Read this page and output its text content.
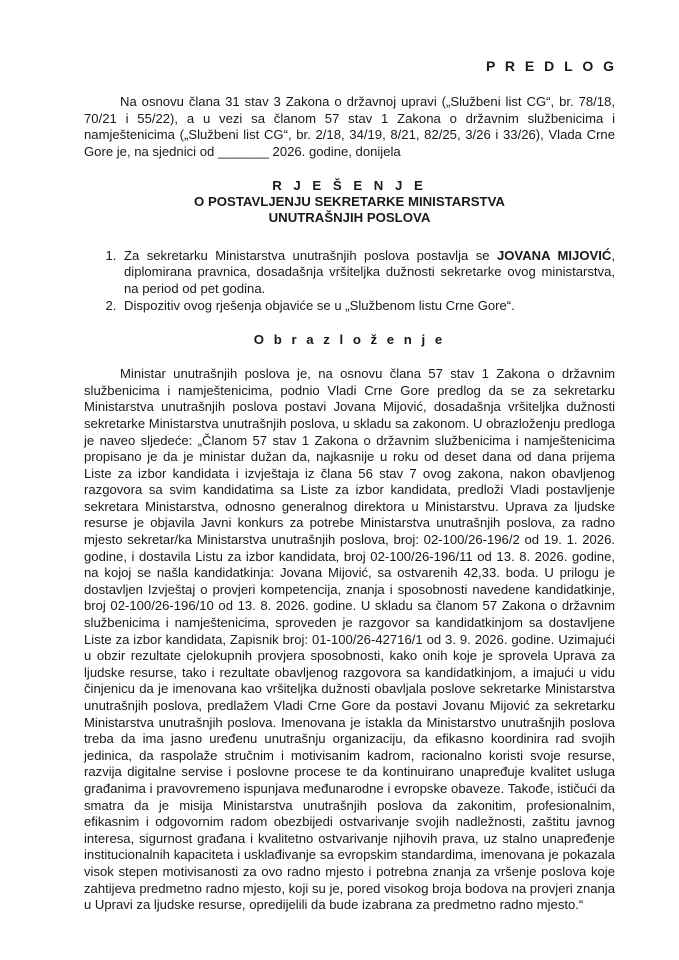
P R E D L O G

Na osnovu člana 31 stav 3 Zakona o državnoj upravi („Službeni list CG“, br. 78/18, 70/21 i 55/22), a u vezi sa članom 57 stav 1 Zakona o državnim službenicima i namještenicima („Službeni list CG“, br. 2/18, 34/19, 8/21, 82/25, 3/26 i 33/26), Vlada Crne Gore je, na sjednici od _______ 2026. godine, donijela

R J E Š E N J E
O POSTAVLJENJU SEKRETARKE MINISTARSTVA
UNUTRAŠNJIH POSLOVA
1. Za sekretarku Ministarstva unutrašnjih poslova postavlja se JOVANA MIJOVIĆ, diplomirana pravnica, dosadašnja vršiteljka dužnosti sekretarke ovog ministarstva, na period od pet godina.
2. Dispozitiv ovog rješenja objaviće se u „Službenom listu Crne Gore“.
O b r a z l o ž e n j e

Ministar unutrašnjih poslova je, na osnovu člana 57 stav 1 Zakona o državnim službenicima i namještenicima, podnio Vladi Crne Gore predlog da se za sekretarku Ministarstva unutrašnjih poslova postavi Jovana Mijović, dosadašnja vršiteljka dužnosti sekretarke Ministarstva unutrašnjih poslova, u skladu sa zakonom. U obrazloženju predloga je naveo sljedeće: „Članom 57 stav 1 Zakona o državnim službenicima i namještenicima propisano je da je ministar dužan da, najkasnije u roku od deset dana od dana prijema Liste za izbor kandidata i izvještaja iz člana 56 stav 7 ovog zakona, nakon obavljenog razgovora sa svim kandidatima sa Liste za izbor kandidata, predloži Vladi postavljenje sekretara Ministarstva, odnosno generalnog direktora u Ministarstvu. Uprava za ljudske resurse je objavila Javni konkurs za potrebe Ministarstva unutrašnjih poslova, za radno mjesto sekretar/ka Ministarstva unutrašnjih poslova, broj: 02-100/26-196/2 od 19. 1. 2026. godine, i dostavila Listu za izbor kandidata, broj 02-100/26-196/11 od 13. 8. 2026. godine, na kojoj se našla kandidatkinja: Jovana Mijović, sa ostvarenih 42,33. boda. U prilogu je dostavljen Izvještaj o provjeri kompetencija, znanja i sposobnosti navedene kandidatkinje, broj 02-100/26-196/10 od 13. 8. 2026. godine. U skladu sa članom 57 Zakona o državnim službenicima i namještenicima, sproveden je razgovor sa kandidatkinjom sa dostavljene Liste za izbor kandidata, Zapisnik broj: 01-100/26-42716/1 od 3. 9. 2026. godine. Uzimajući u obzir rezultate cjelokupnih provjera sposobnosti, kako onih koje je sprovela Uprava za ljudske resurse, tako i rezultate obavljenog razgovora sa kandidatkinjom, a imajući u vidu činjenicu da je imenovana kao vršiteljka dužnosti obavljala poslove sekretarke Ministarstva unutrašnjih poslova, predlažem Vladi Crne Gore da postavi Jovanu Mijović za sekretarku Ministarstva unutrašnjih poslova. Imenovana je istakla da Ministarstvo unutrašnjih poslova treba da ima jasno uređenu unutrašnju organizaciju, da efikasno koordinira rad svojih jedinica, da raspolaže stručnim i motivisanim kadrom, racionalno koristi svoje resurse, razvija digitalne servise i poslovne procese te da kontinuirano unapređuje kvalitet usluga građanima i pravovremeno ispunjava međunarodne i evropske obaveze. Takođe, ističući da smatra da je misija Ministarstva unutrašnjih poslova da zakonitim, profesionalnim, efikasnim i odgovornim radom obezbijedi ostvarivanje svojih nadležnosti, zaštitu javnog interesa, sigurnost građana i kvalitetno ostvarivanje njihovih prava, uz stalno unapređenje institucionalnih kapaciteta i usklađivanje sa evropskim standardima, imenovana je pokazala visok stepen motivisanosti za ovo radno mjesto i potrebna znanja za vršenje poslova koje zahtijeva predmetno radno mjesto, koji su je, pored visokog broja bodova na provjeri znanja u Upravi za ljudske resurse, opredijelili da bude izabrana za predmetno radno mjesto.“
